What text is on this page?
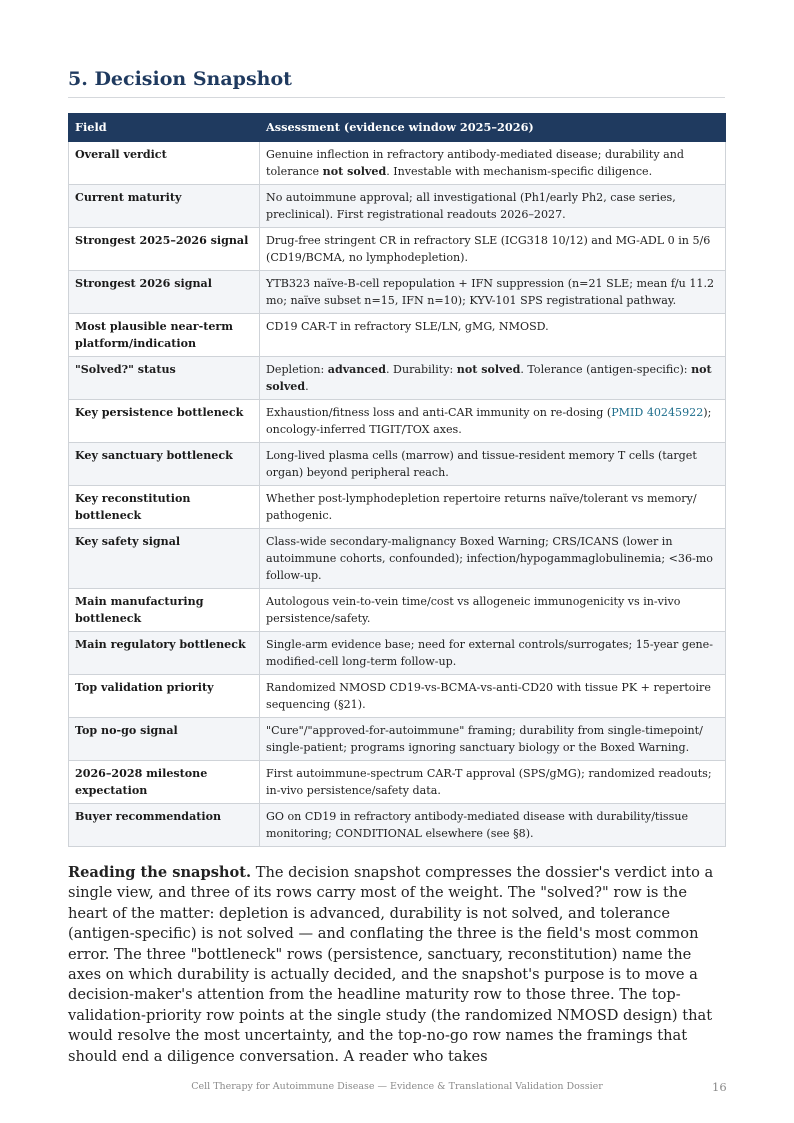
5. Decision Snapshot
Field	Assessment (evidence window 2025–2026)
Overall verdict	Genuine inflection in refractory antibody-mediated disease; durability and tolerance not solved. Investable with mechanism-specific diligence.
Current maturity	No autoimmune approval; all investigational (Ph1/early Ph2, case series, preclinical). First registrational readouts 2026–2027.
Strongest 2025–2026 signal	Drug-free stringent CR in refractory SLE (ICG318 10/12) and MG-ADL 0 in 5/6 (CD19/BCMA, no lymphodepletion).
Strongest 2026 signal	YTB323 naïve-B-cell repopulation + IFN suppression (n=21 SLE; mean f/u 11.2 mo; naïve subset n=15, IFN n=10); KYV-101 SPS registrational pathway.
Most plausible near-term platform/indication	CD19 CAR-T in refractory SLE/LN, gMG, NMOSD.
"Solved?" status	Depletion: advanced. Durability: not solved. Tolerance (antigen-specific): not solved.
Key persistence bottleneck	Exhaustion/fitness loss and anti-CAR immunity on re-dosing (PMID 40245922); oncology-inferred TIGIT/TOX axes.
Key sanctuary bottleneck	Long-lived plasma cells (marrow) and tissue-resident memory T cells (target organ) beyond peripheral reach.
Key reconstitution bottleneck	Whether post-lymphodepletion repertoire returns naïve/tolerant vs memory/ pathogenic.
Key safety signal	Class-wide secondary-malignancy Boxed Warning; CRS/ICANS (lower in autoimmune cohorts, confounded); infection/hypogammaglobulinemia; <36-mo follow-up.
Main manufacturing bottleneck	Autologous vein-to-vein time/cost vs allogeneic immunogenicity vs in-vivo persistence/safety.
Main regulatory bottleneck	Single-arm evidence base; need for external controls/surrogates; 15-year gene-modified-cell long-term follow-up.
Top validation priority	Randomized NMOSD CD19-vs-BCMA-vs-anti-CD20 with tissue PK + repertoire sequencing (§21).
Top no-go signal	"Cure"/"approved-for-autoimmune" framing; durability from single-timepoint/ single-patient; programs ignoring sanctuary biology or the Boxed Warning.
2026–2028 milestone expectation	First autoimmune-spectrum CAR-T approval (SPS/gMG); randomized readouts; in-vivo persistence/safety data.
Buyer recommendation	GO on CD19 in refractory antibody-mediated disease with durability/tissue monitoring; CONDITIONAL elsewhere (see §8).

Reading the snapshot. The decision snapshot compresses the dossier's verdict into a single view, and three of its rows carry most of the weight. The "solved?" row is the heart of the matter: depletion is advanced, durability is not solved, and tolerance (antigen-specific) is not solved — and conflating the three is the field's most common error. The three "bottleneck" rows (persistence, sanctuary, reconstitution) name the axes on which durability is actually decided, and the snapshot's purpose is to move a decision-maker's attention from the headline maturity row to those three. The top-validation-priority row points at the single study (the randomized NMOSD design) that would resolve the most uncertainty, and the top-no-go row names the framings that should end a diligence conversation. A reader who takes

Cell Therapy for Autoimmune Disease — Evidence & Translational Validation Dossier	16
